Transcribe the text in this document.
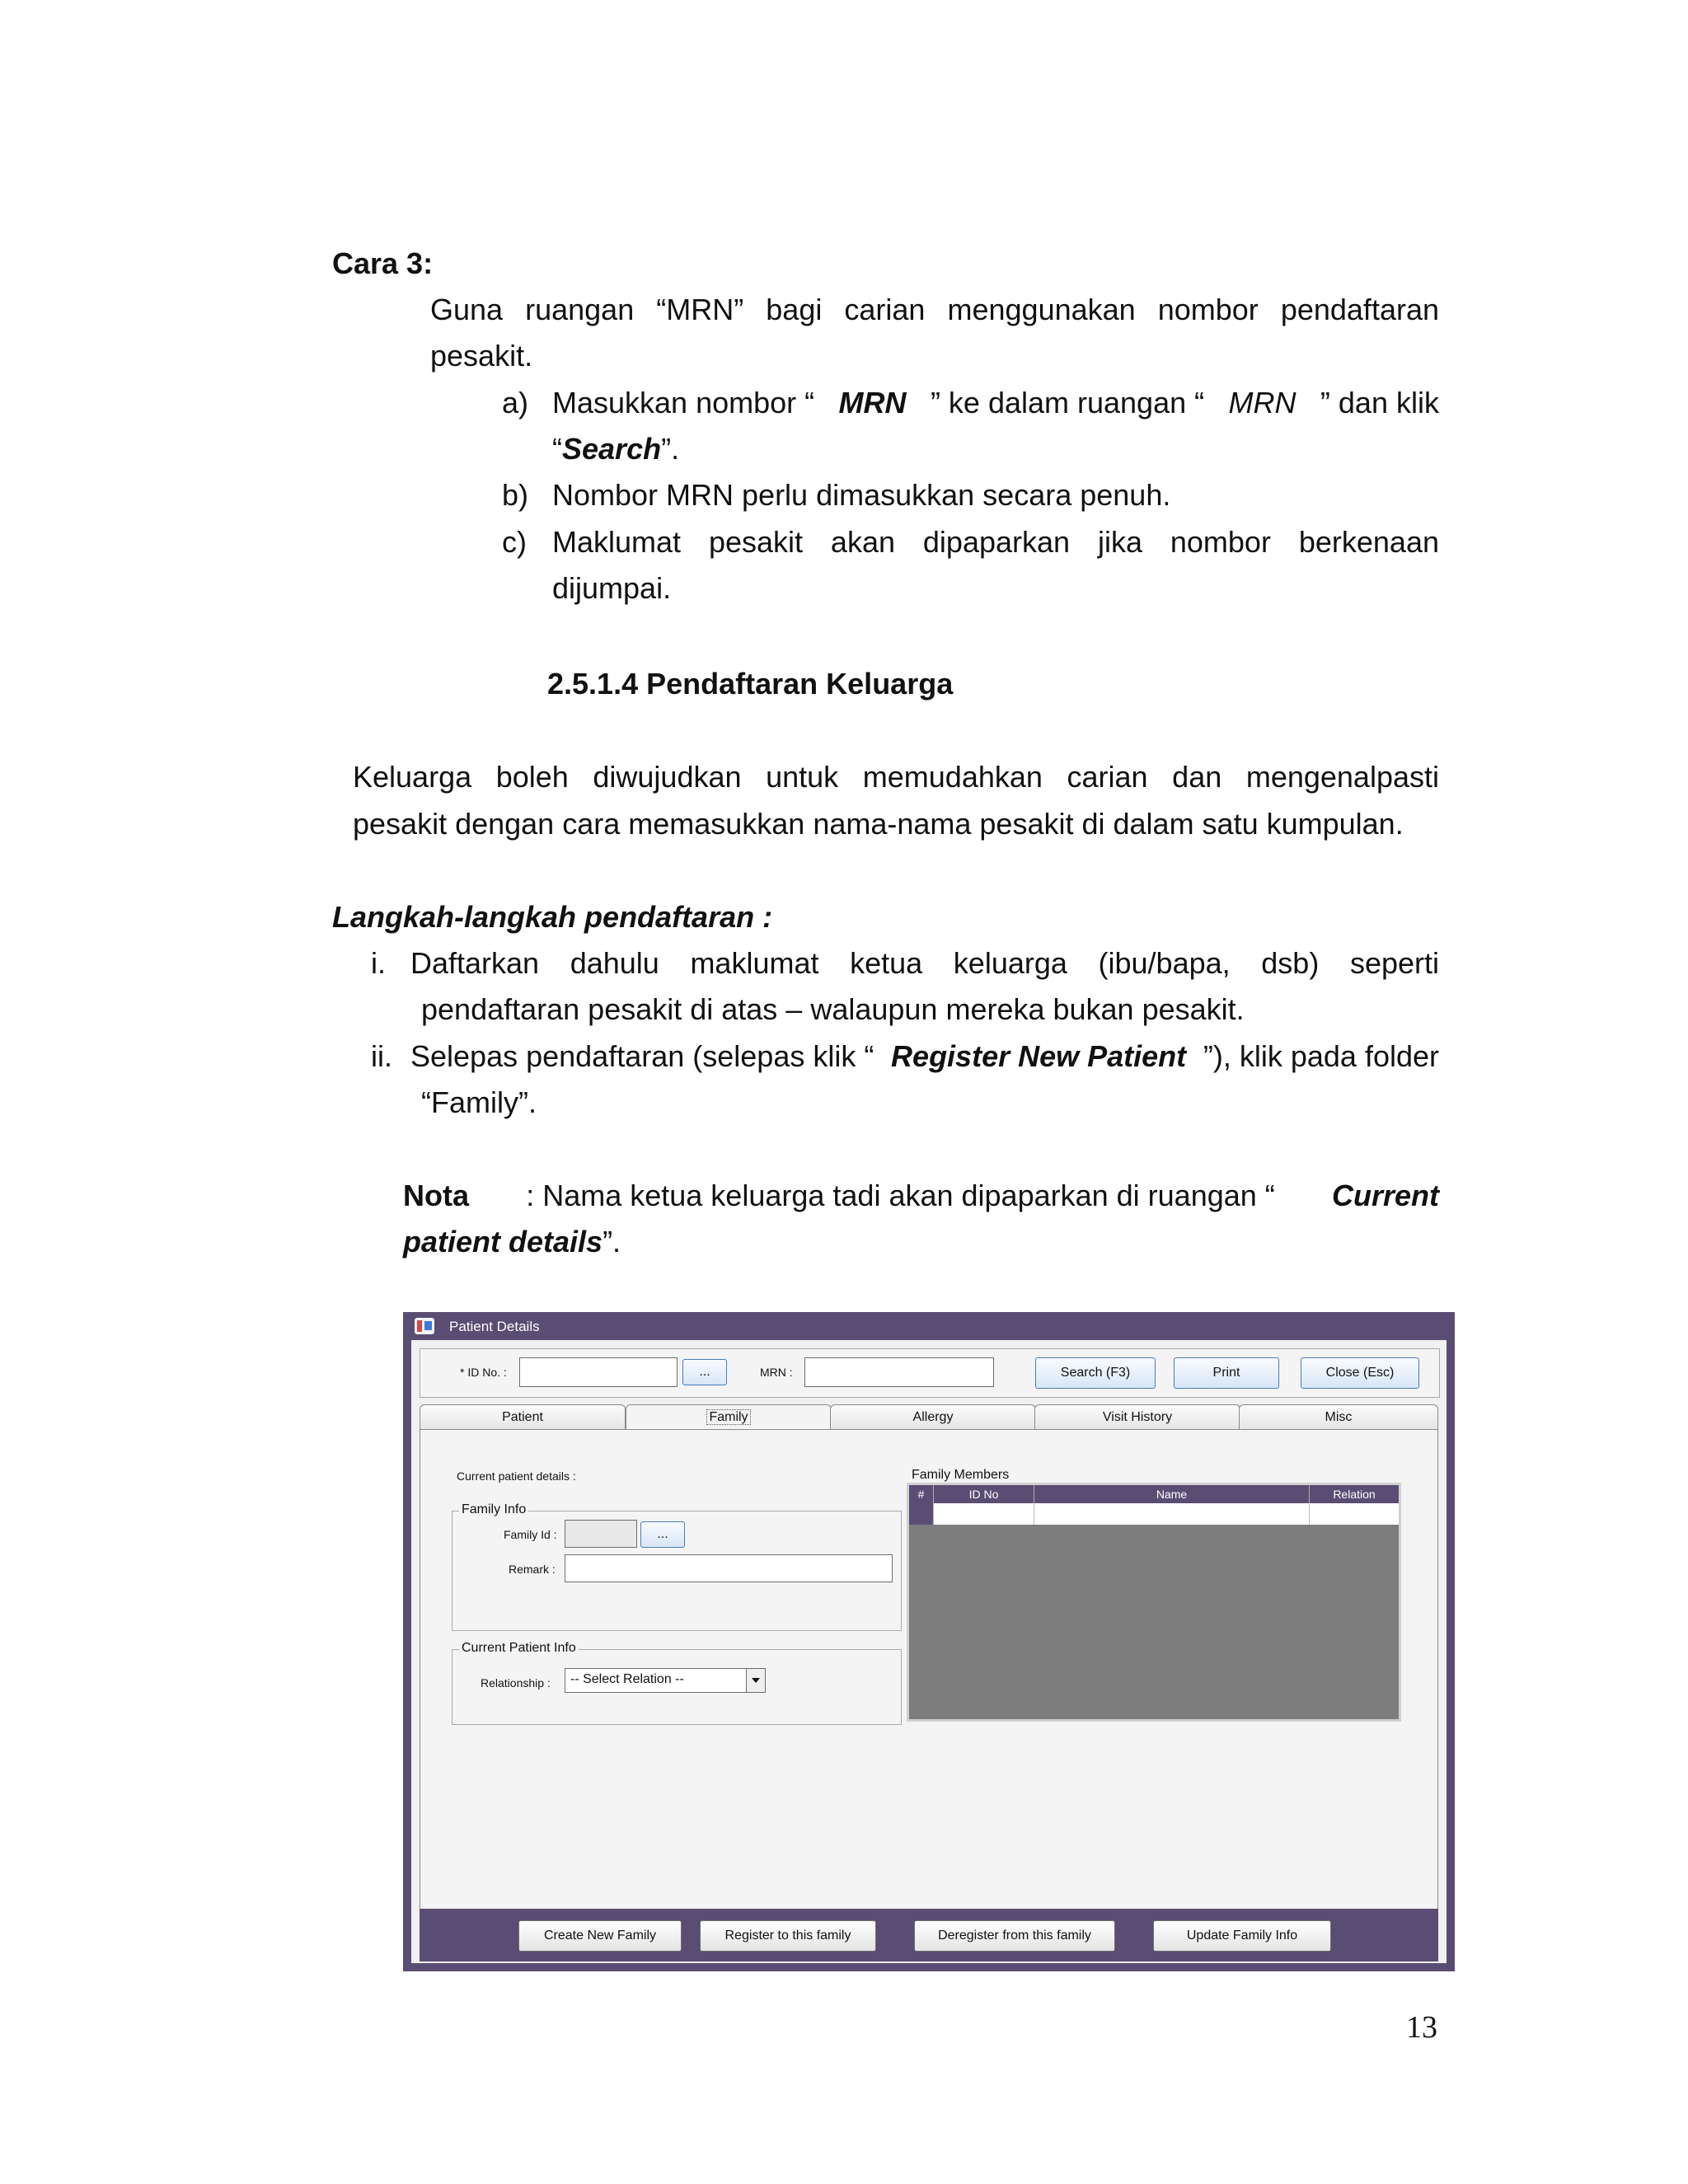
Cara 3:
Guna ruangan “MRN” bagi carian menggunakan nombor pendaftaran
pesakit.
a) Masukkan nombor “ MRN ” ke dalam ruangan “ MRN ” dan klik
“Search”.
b) Nombor MRN perlu dimasukkan secara penuh.
c) Maklumat pesakit akan dipaparkan jika nombor berkenaan
dijumpai.
2.5.1.4 Pendaftaran Keluarga
Keluarga boleh diwujudkan untuk memudahkan carian dan mengenalpasti
pesakit dengan cara memasukkan nama-nama pesakit di dalam satu kumpulan.
Langkah-langkah pendaftaran :
i. Daftarkan dahulu maklumat ketua keluarga (ibu/bapa, dsb) seperti
pendaftaran pesakit di atas – walaupun mereka bukan pesakit.
ii. Selepas pendaftaran (selepas klik “ Register New Patient ”), klik pada folder
“Family”.
Nota : Nama ketua keluarga tadi akan dipaparkan di ruangan “ Current
patient details”.
Patient Details
* ID No. :	...	MRN :	Search (F3)	Print	Close (Esc)
Patient	Family	Allergy	Visit History	Misc
Current patient details :
Family Info
Family Id :	...
Remark :
Current Patient Info
Relationship :	-- Select Relation --
Family Members
#	ID No	Name	Relation
Create New Family	Register to this family	Deregister from this family	Update Family Info
13
